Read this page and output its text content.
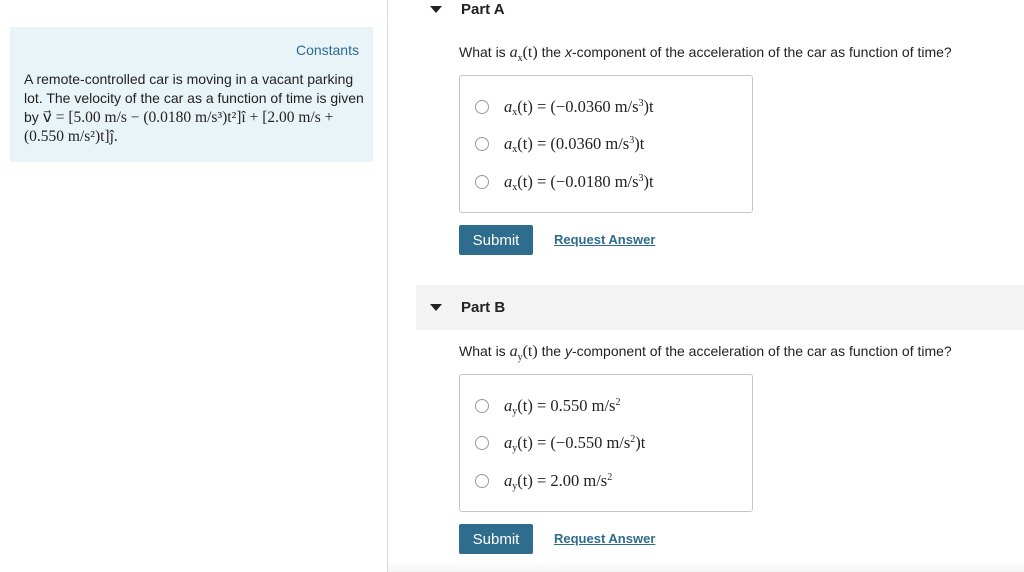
Constants
A remote-controlled car is moving in a vacant parking lot. The velocity of the car as a function of time is given by v⃗ = [5.00 m/s − (0.0180 m/s³)t²]î + [2.00 m/s + (0.550 m/s²)t]ĵ.
Part A
What is $a_x(t)$ the x-component of the acceleration of the car as function of time?
$a_x(t) = (-0.0360$ $m/s^3)t$
$a_x(t) = (0.0360$ $m/s^3)t$
$a_x(t) = (-0.0180$ $m/s^3)t$
Submit	Request Answer
Part B
What is $a_y(t)$ the y-component of the acceleration of the car as function of time?
$a_y(t) = 0.550$ $m/s^2$
$a_y(t) = (-0.550$ $m/s^2)t$
$a_y(t) = 2.00$ $m/s^2$
Submit	Request Answer
